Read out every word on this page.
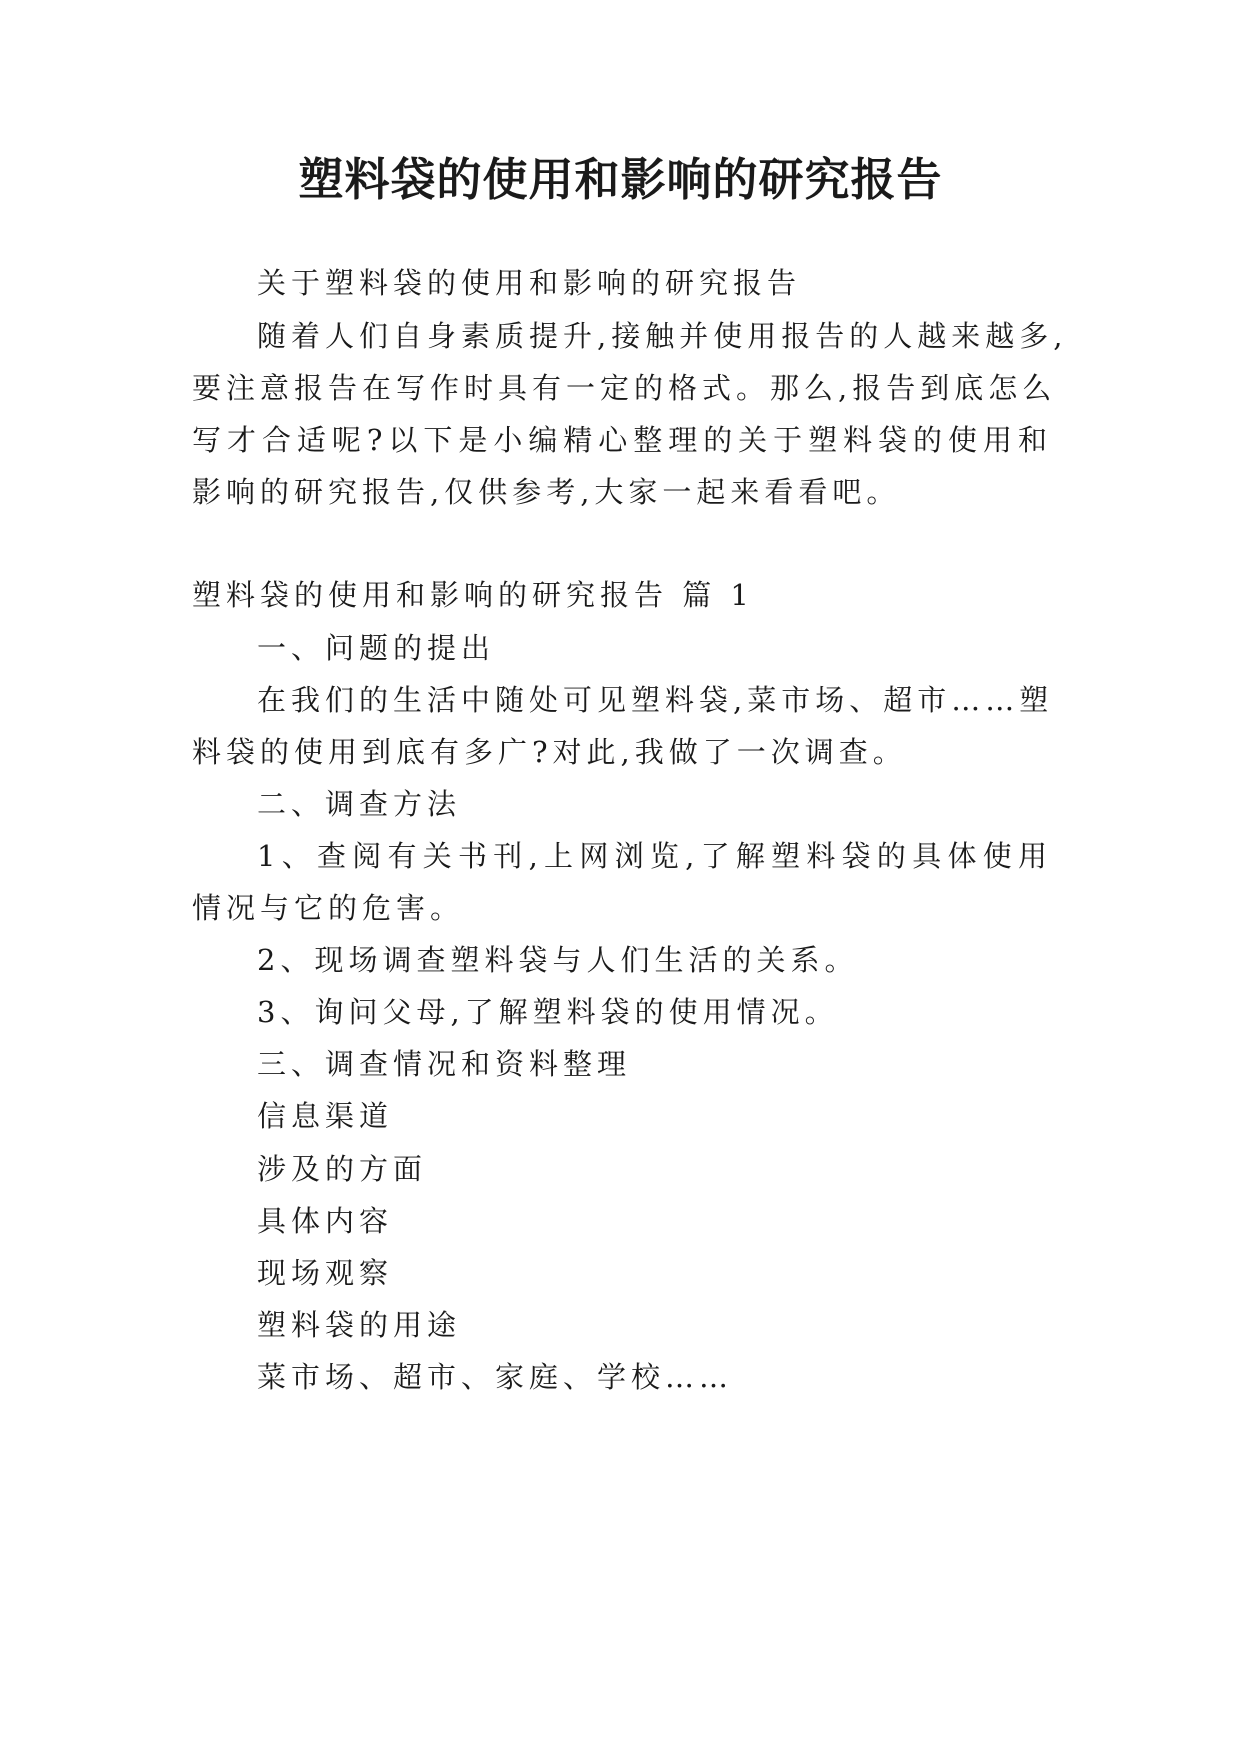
塑料袋的使用和影响的研究报告

关于塑料袋的使用和影响的研究报告

随着人们自身素质提升,接触并使用报告的人越来越多,

要注意报告在写作时具有一定的格式。那么,报告到底怎么

写才合适呢?以下是小编精心整理的关于塑料袋的使用和

影响的研究报告,仅供参考,大家一起来看看吧。

塑料袋的使用和影响的研究报告 篇 1

一、问题的提出

在我们的生活中随处可见塑料袋,菜市场、超市……塑

料袋的使用到底有多广?对此,我做了一次调查。

二、调查方法

1、查阅有关书刊,上网浏览,了解塑料袋的具体使用

情况与它的危害。

2、现场调查塑料袋与人们生活的关系。

3、询问父母,了解塑料袋的使用情况。

三、调查情况和资料整理

信息渠道

涉及的方面

具体内容

现场观察

塑料袋的用途

菜市场、超市、家庭、学校……
